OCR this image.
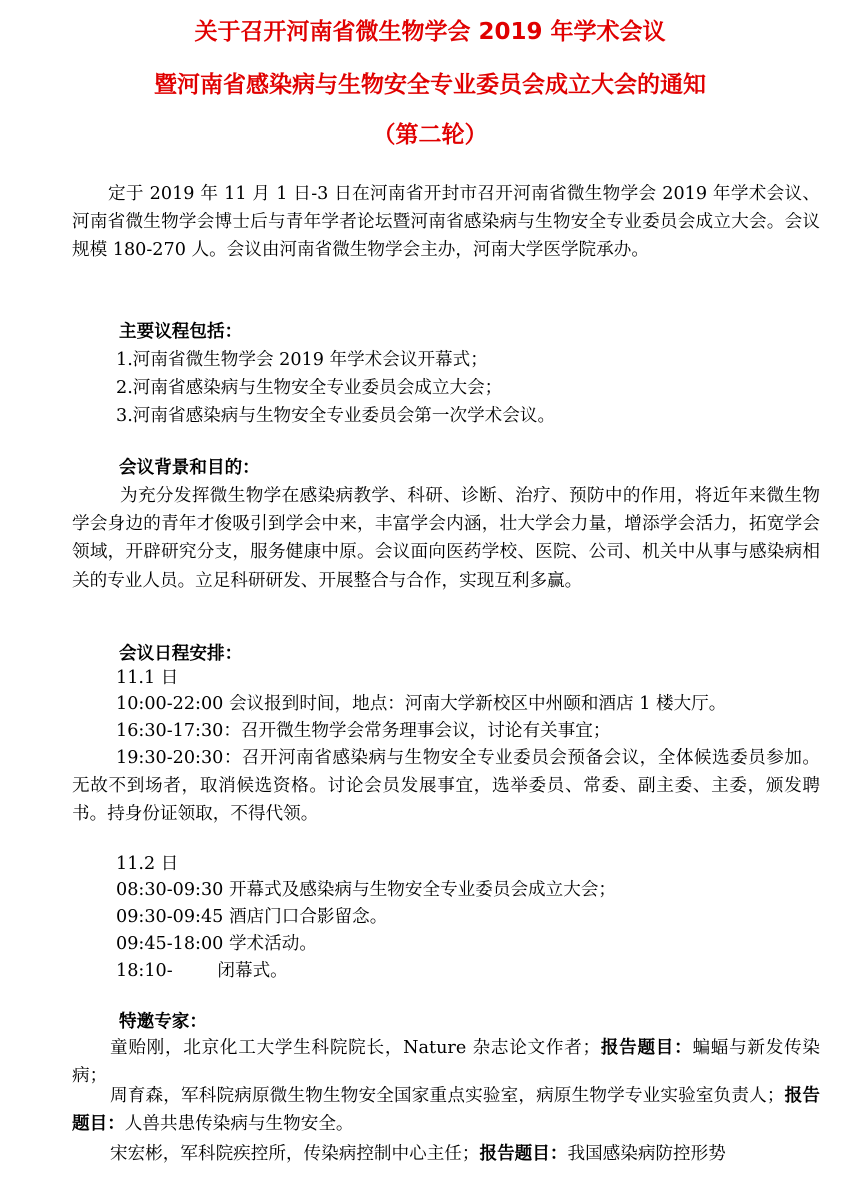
关于召开河南省微生物学会 2019 年学术会议
暨河南省感染病与生物安全专业委员会成立大会的通知
（第二轮）
定于 2019 年 11 月 1 日-3 日在河南省开封市召开河南省微生物学会 2019 年学术会议、河南省微生物学会博士后与青年学者论坛暨河南省感染病与生物安全专业委员会成立大会。会议规模 180-270 人。会议由河南省微生物学会主办，河南大学医学院承办。
主要议程包括：
1.河南省微生物学会 2019 年学术会议开幕式；
2.河南省感染病与生物安全专业委员会成立大会；
3.河南省感染病与生物安全专业委员会第一次学术会议。
会议背景和目的：
为充分发挥微生物学在感染病教学、科研、诊断、治疗、预防中的作用，将近年来微生物学会身边的青年才俊吸引到学会中来，丰富学会内涵，壮大学会力量，增添学会活力，拓宽学会领域，开辟研究分支，服务健康中原。会议面向医药学校、医院、公司、机关中从事与感染病相关的专业人员。立足科研研发、开展整合与合作，实现互利多赢。
会议日程安排：
11.1 日
10:00-22:00 会议报到时间，地点：河南大学新校区中州颐和酒店 1 楼大厅。
16:30-17:30：召开微生物学会常务理事会议，讨论有关事宜；
19:30-20:30：召开河南省感染病与生物安全专业委员会预备会议，全体候选委员参加。无故不到场者，取消候选资格。讨论会员发展事宜，选举委员、常委、副主委、主委，颁发聘书。持身份证领取，不得代领。
11.2 日
08:30-09:30 开幕式及感染病与生物安全专业委员会成立大会；
09:30-09:45 酒店门口合影留念。
09:45-18:00 学术活动。
18:10-        闭幕式。
特邀专家：
童贻刚，北京化工大学生科院院长，Nature 杂志论文作者；报告题目：蝙蝠与新发传染病；
周育森，军科院病原微生物生物安全国家重点实验室，病原生物学专业实验室负责人；报告题目：人兽共患传染病与生物安全。
宋宏彬，军科院疾控所，传染病控制中心主任；报告题目：我国感染病防控形势
